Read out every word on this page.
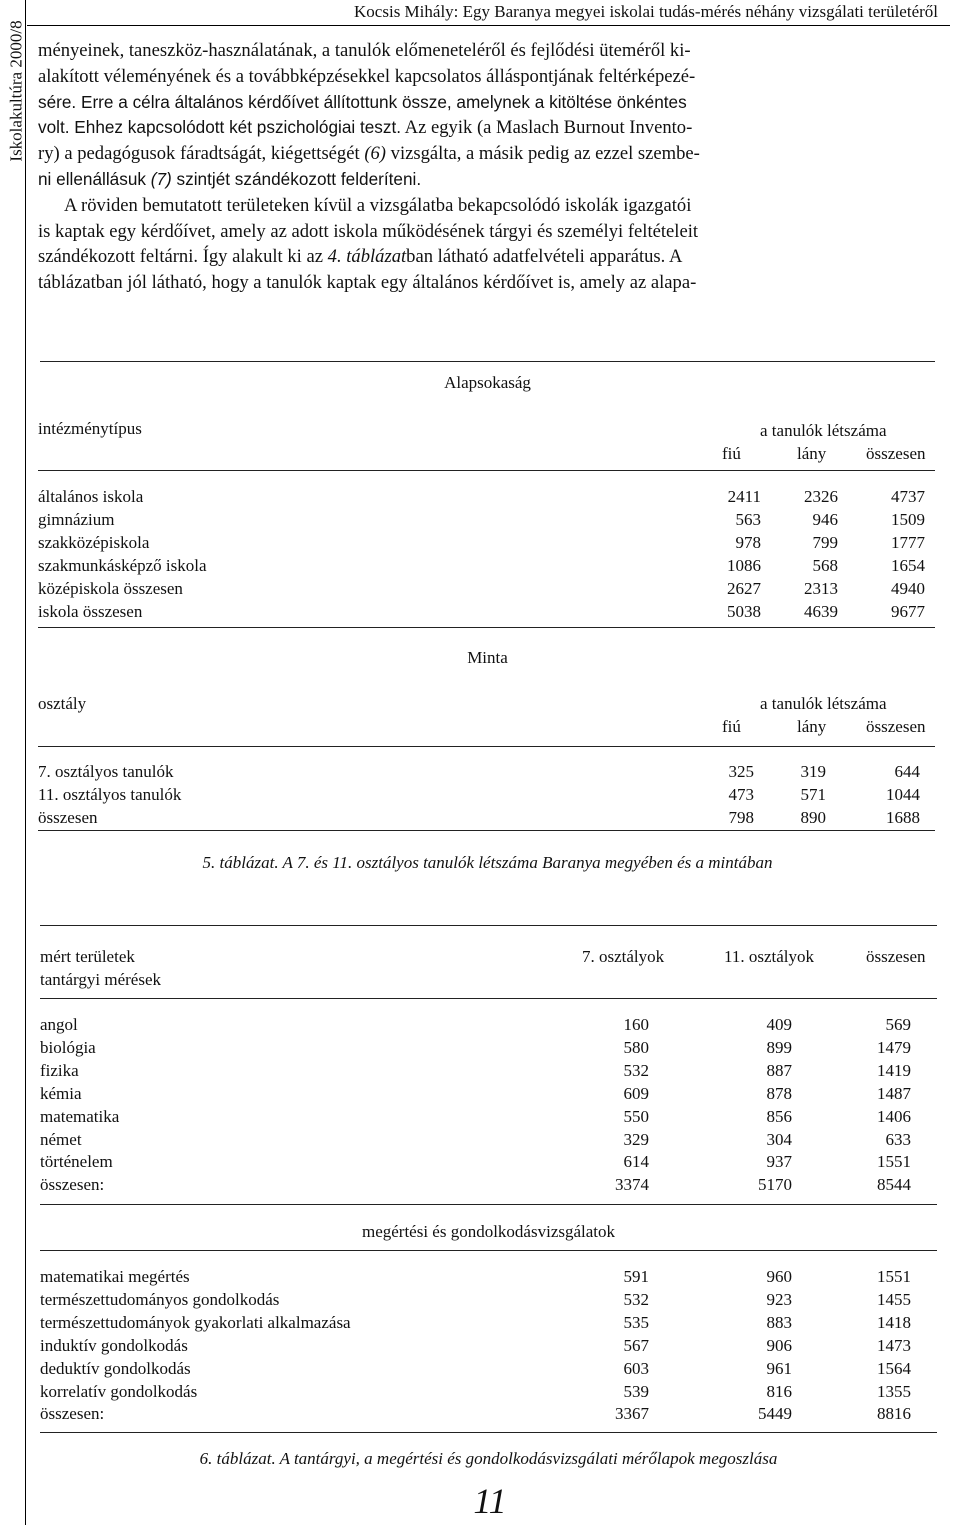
Iskolakultúra 2000/8
Kocsis Mihály: Egy Baranya megyei iskolai tudás-mérés néhány vizsgálati területéről

ményeinek, taneszköz-használatának, a tanulók előmeneteléről és fejlődési üteméről ki-
alakított véleményének és a továbbképzésekkel kapcsolatos álláspontjának feltérképezé-
sére. Erre a célra általános kérdőívet állítottunk össze, amelynek a kitöltése önkéntes
volt. Ehhez kapcsolódott két pszichológiai teszt. Az egyik (a Maslach Burnout Invento-
ry) a pedagógusok fáradtságát, kiégettségét (6) vizsgálta, a másik pedig az ezzel szembe-
ni ellenállásuk (7) szintjét szándékozott felderíteni.

A röviden bemutatott területeken kívül a vizsgálatba bekapcsolódó iskolák igazgatói
is kaptak egy kérdőívet, amely az adott iskola működésének tárgyi és személyi feltételeit
szándékozott feltárni. Így alakult ki az 4. táblázatban látható adatfelvételi apparátus. A
táblázatban jól látható, hogy a tanulók kaptak egy általános kérdőívet is, amely az alapa-

Alapsokaság
intézménytípus	a tanulók létszáma
fiú	lány összesen
általános iskola	2411	2326	4737
gimnázium	563	946	1509
szakközépiskola	978	799	1777
szakmunkásképző iskola	1086	568	1654
középiskola összesen	2627	2313	4940
iskola összesen	5038	4639	9677
Minta
osztály	a tanulók létszáma
fiú	lány összesen
7. osztályos tanulók	325	319	644
11. osztályos tanulók	473	571	1044
összesen	798	890	1688
5. táblázat. A 7. és 11. osztályos tanulók létszáma Baranya megyében és a mintában
mért területek
tantárgyi mérések
7. osztályok	11. osztályok	összesen
angol	160	409	569
biológia	580	899	1479
fizika	532	887	1419
kémia	609	878	1487
matematika	550	856	1406
német	329	304	633
történelem	614	937	1551
összesen:	3374	5170	8544
megértési és gondolkodásvizsgálatok
matematikai megértés	591	960	1551
természettudományos gondolkodás	532	923	1455
természettudományok gyakorlati alkalmazása	535	883	1418
induktív gondolkodás	567	906	1473
deduktív gondolkodás	603	961	1564
korrelatív gondolkodás	539	816	1355
összesen:	3367	5449	8816
6. táblázat. A tantárgyi, a megértési és gondolkodásvizsgálati mérőlapok megoszlása
11
